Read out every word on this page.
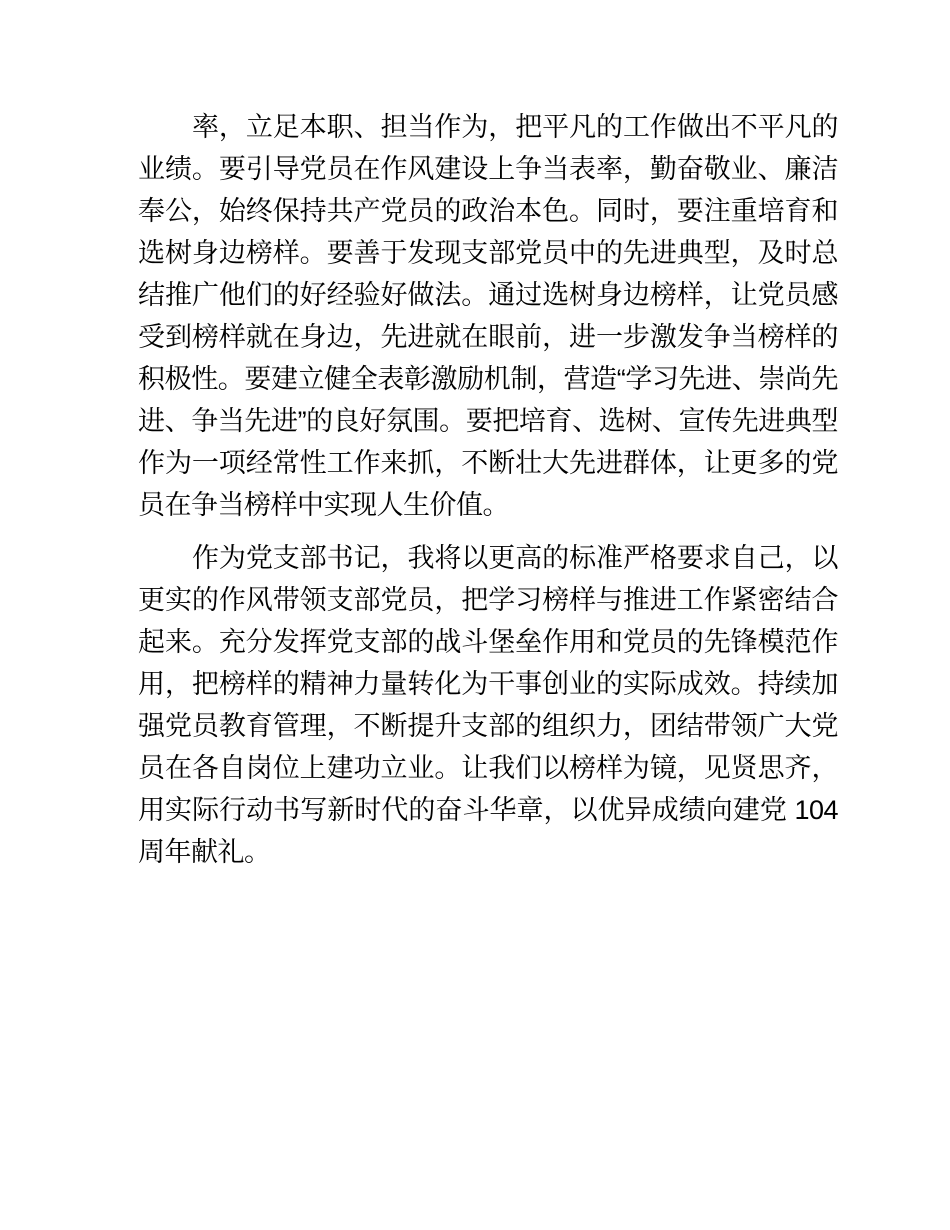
率，立足本职、担当作为，把平凡的工作做出不平凡的业绩。要引导党员在作风建设上争当表率，勤奋敬业、廉洁奉公，始终保持共产党员的政治本色。同时，要注重培育和选树身边榜样。要善于发现支部党员中的先进典型，及时总结推广他们的好经验好做法。通过选树身边榜样，让党员感受到榜样就在身边，先进就在眼前，进一步激发争当榜样的积极性。要建立健全表彰激励机制，营造“学习先进、崇尚先进、争当先进”的良好氛围。要把培育、选树、宣传先进典型作为一项经常性工作来抓，不断壮大先进群体，让更多的党员在争当榜样中实现人生价值。

作为党支部书记，我将以更高的标准严格要求自己，以更实的作风带领支部党员，把学习榜样与推进工作紧密结合起来。充分发挥党支部的战斗堡垒作用和党员的先锋模范作用，把榜样的精神力量转化为干事创业的实际成效。持续加强党员教育管理，不断提升支部的组织力，团结带领广大党员在各自岗位上建功立业。让我们以榜样为镜，见贤思齐，用实际行动书写新时代的奋斗华章，以优异成绩向建党 104 周年献礼。
